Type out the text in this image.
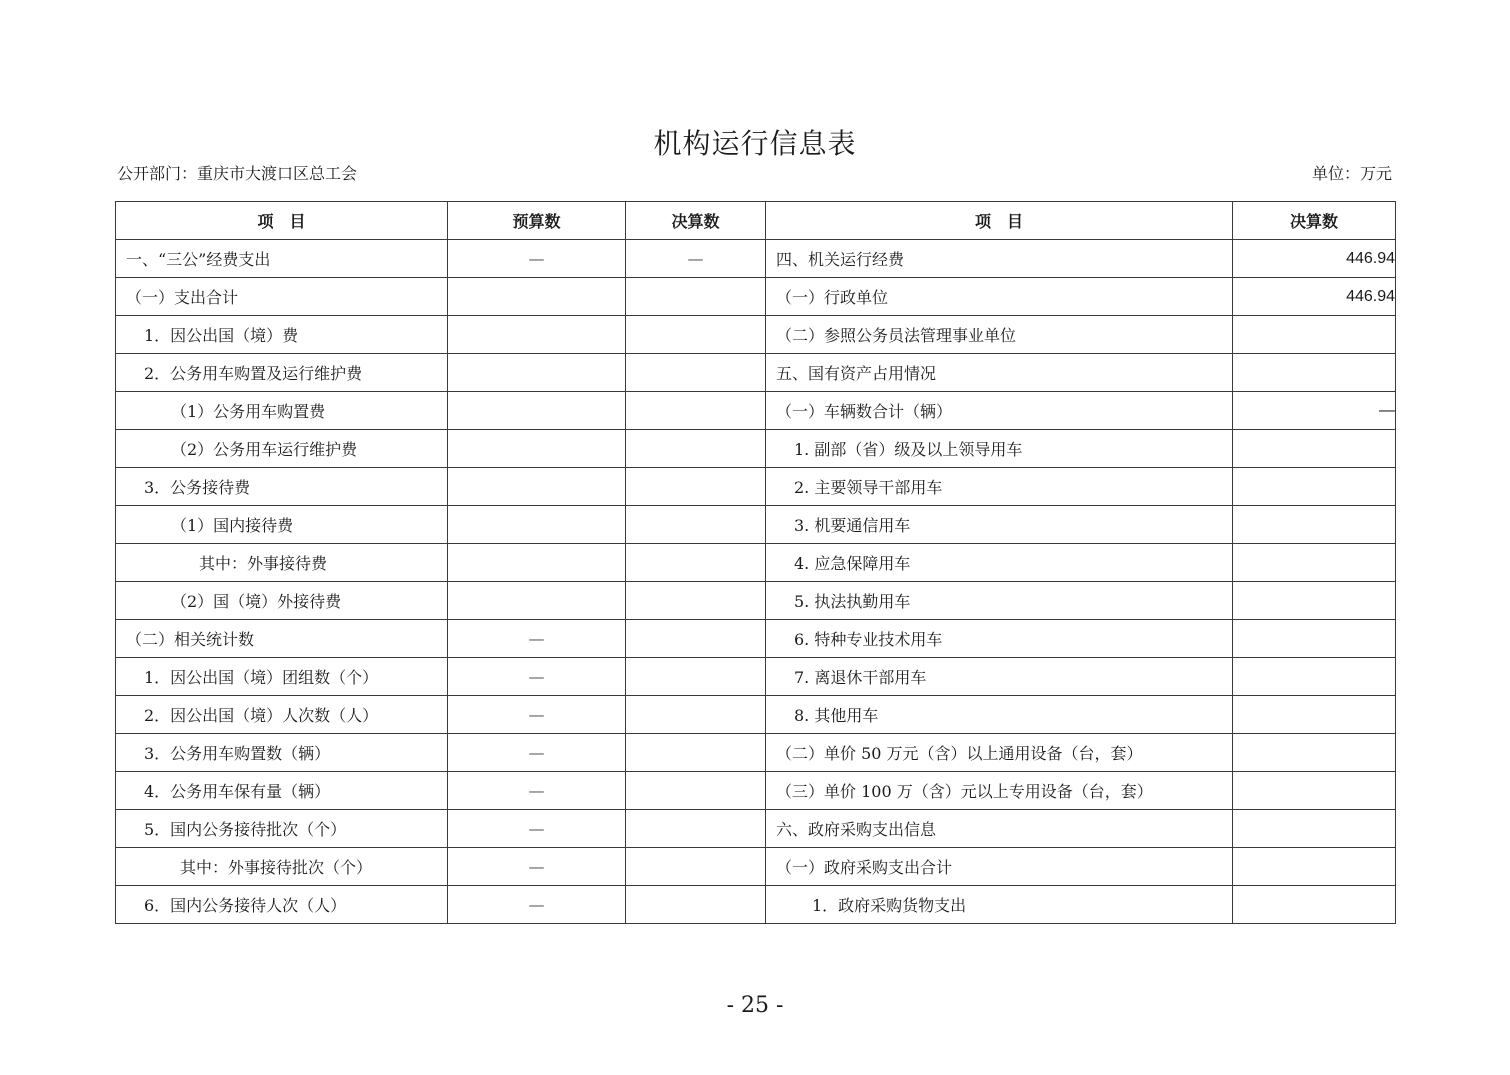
机构运行信息表
公开部门：重庆市大渡口区总工会	单位：万元
项　目	预算数	决算数	项　目	决算数
一、“三公”经费支出	—	—	四、机关运行经费	446.94
（一）支出合计			（一）行政单位	446.94
1．因公出国（境）费			（二）参照公务员法管理事业单位	
2．公务用车购置及运行维护费			五、国有资产占用情况	
（1）公务用车购置费			（一）车辆数合计（辆）	—
（2）公务用车运行维护费			1. 副部（省）级及以上领导用车	
3．公务接待费			2. 主要领导干部用车	
（1）国内接待费			3. 机要通信用车	
其中：外事接待费			4. 应急保障用车	
（2）国（境）外接待费			5. 执法执勤用车	
（二）相关统计数	—		6. 特种专业技术用车	
1．因公出国（境）团组数（个）	—		7. 离退休干部用车	
2．因公出国（境）人次数（人）	—		8. 其他用车	
3．公务用车购置数（辆）	—		（二）单价 50 万元（含）以上通用设备（台，套）	
4．公务用车保有量（辆）	—		（三）单价 100 万（含）元以上专用设备（台，套）	
5．国内公务接待批次（个）	—		六、政府采购支出信息	
其中：外事接待批次（个）	—		（一）政府采购支出合计	
6．国内公务接待人次（人）	—		1．政府采购货物支出	
- 25 -
